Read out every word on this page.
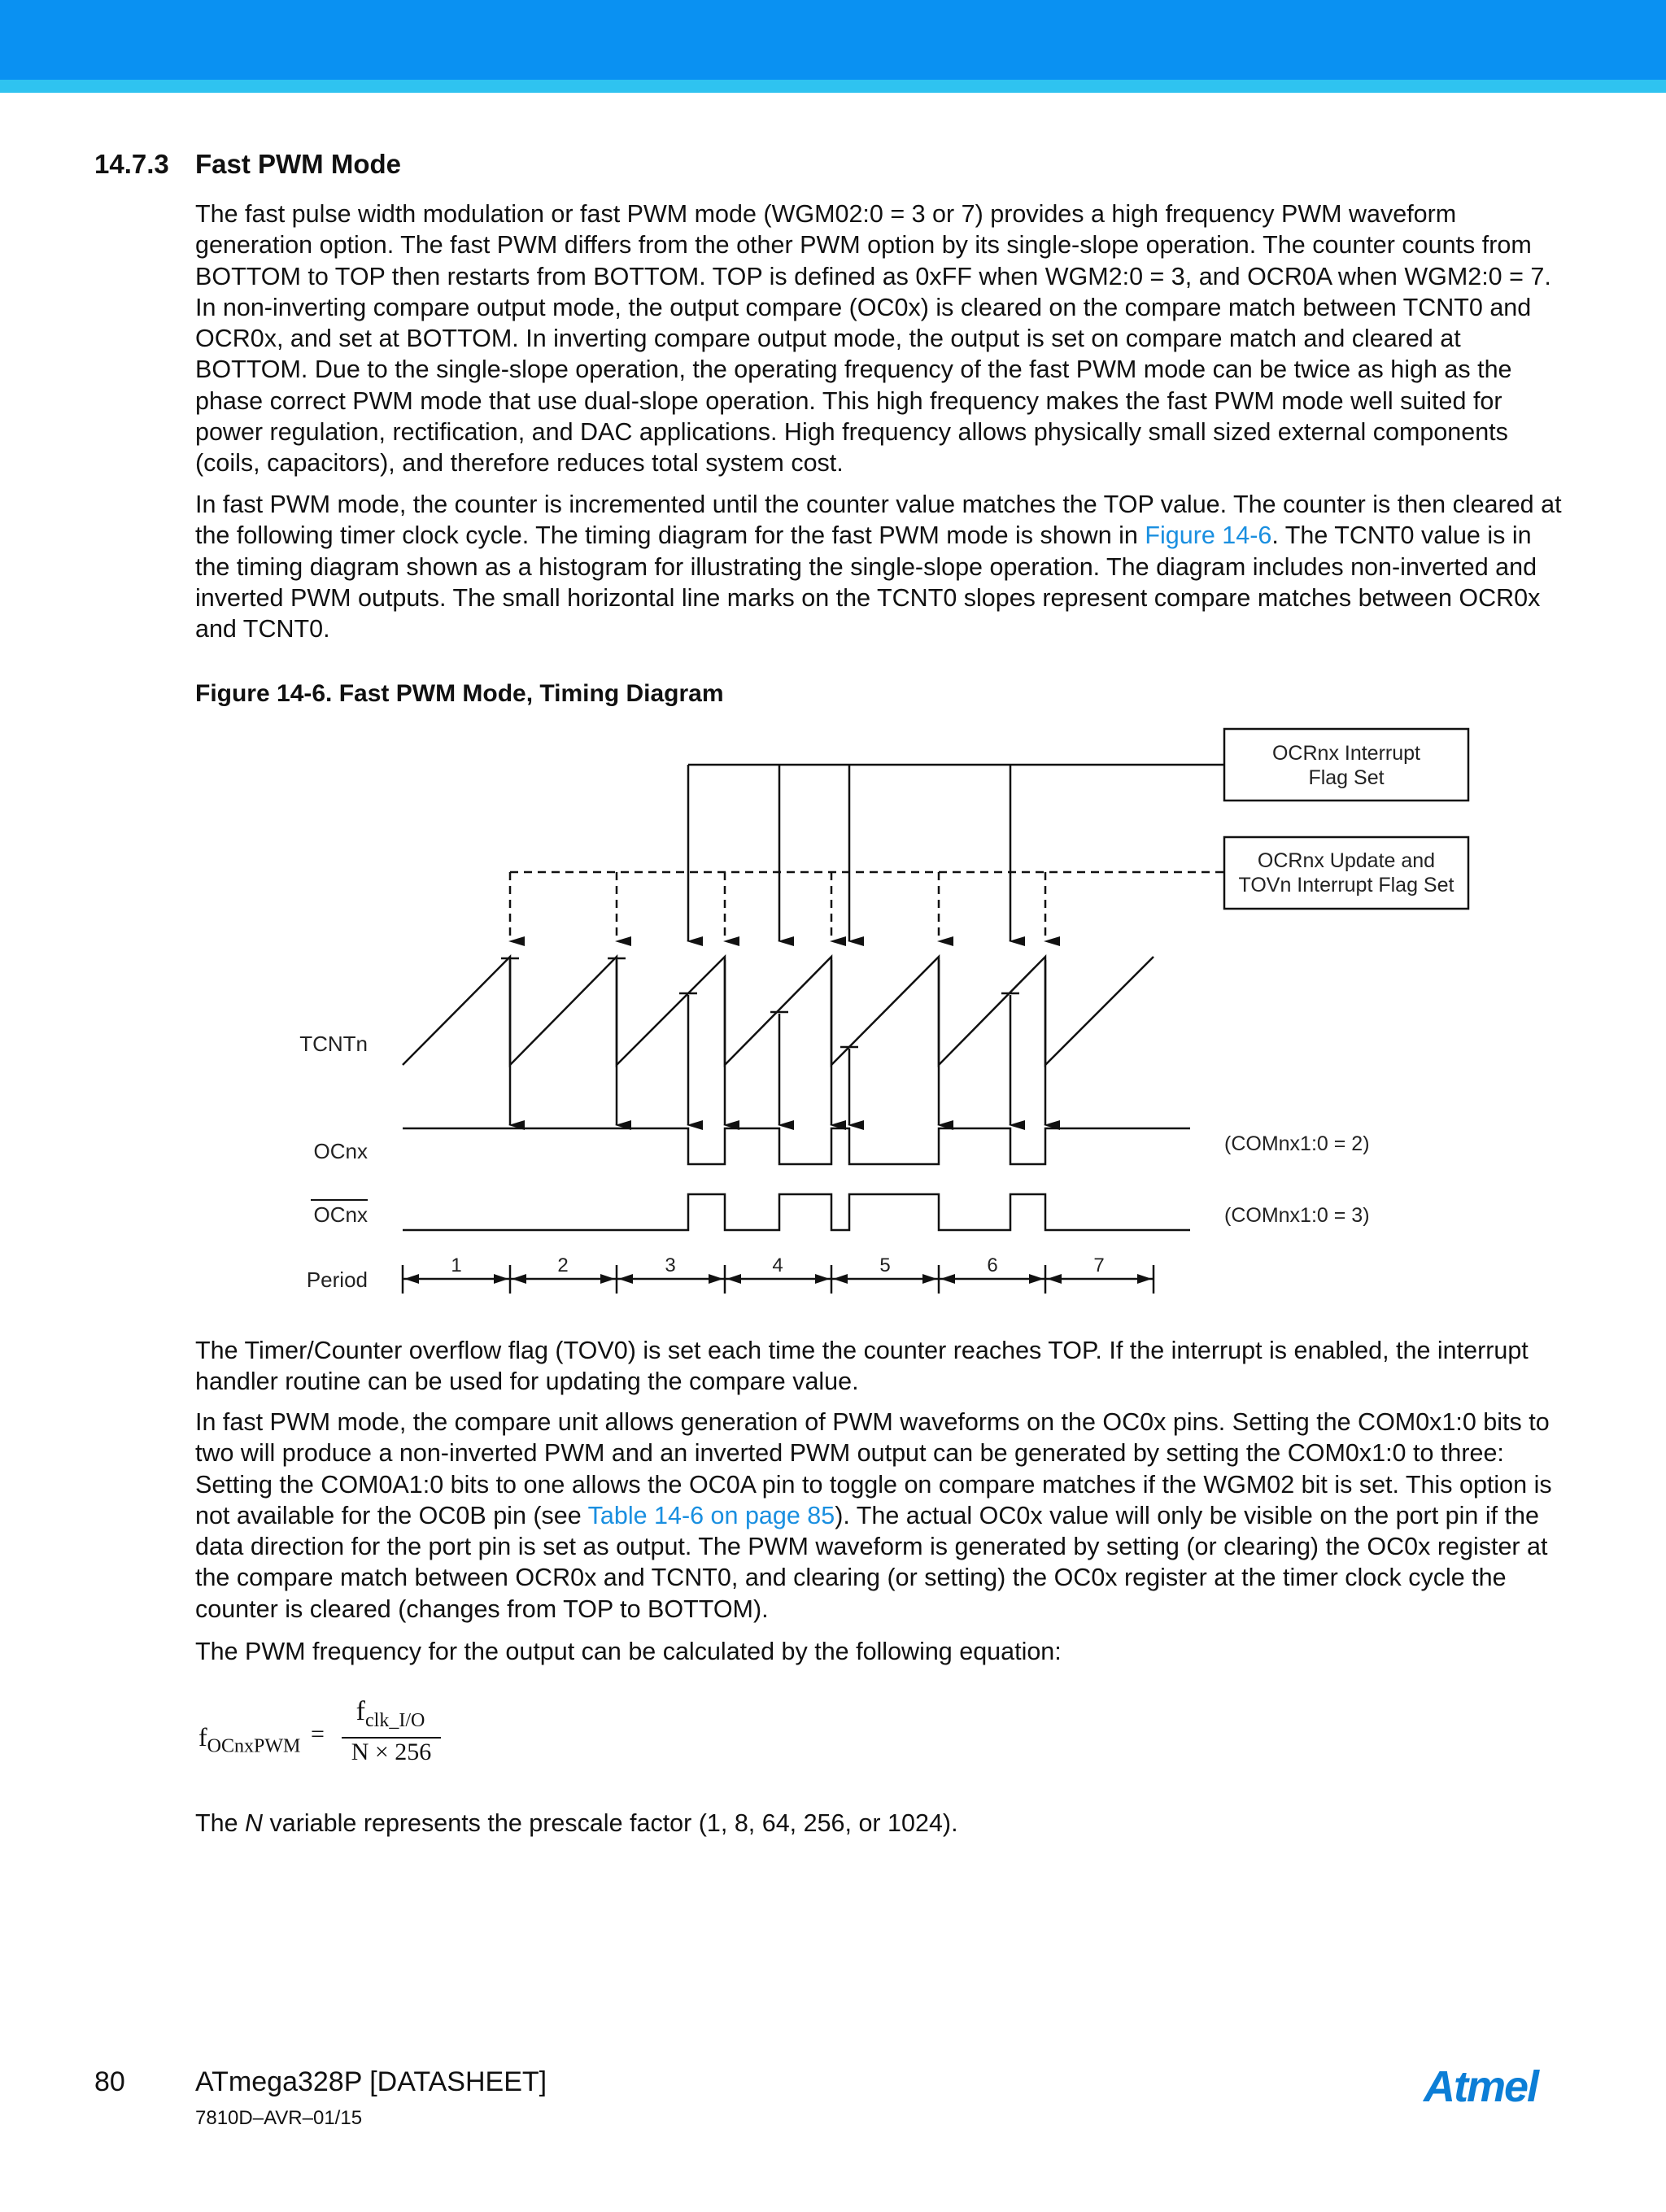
14.7.3 Fast PWM Mode
The fast pulse width modulation or fast PWM mode (WGM02:0 = 3 or 7) provides a high frequency PWM waveform generation option. The fast PWM differs from the other PWM option by its single-slope operation. The counter counts from BOTTOM to TOP then restarts from BOTTOM. TOP is defined as 0xFF when WGM2:0 = 3, and OCR0A when WGM2:0 = 7. In non-inverting compare output mode, the output compare (OC0x) is cleared on the compare match between TCNT0 and OCR0x, and set at BOTTOM. In inverting compare output mode, the output is set on compare match and cleared at BOTTOM. Due to the single-slope operation, the operating frequency of the fast PWM mode can be twice as high as the phase correct PWM mode that use dual-slope operation. This high frequency makes the fast PWM mode well suited for power regulation, rectification, and DAC applications. High frequency allows physically small sized external components (coils, capacitors), and therefore reduces total system cost.
In fast PWM mode, the counter is incremented until the counter value matches the TOP value. The counter is then cleared at the following timer clock cycle. The timing diagram for the fast PWM mode is shown in Figure 14-6. The TCNT0 value is in the timing diagram shown as a histogram for illustrating the single-slope operation. The diagram includes non-inverted and inverted PWM outputs. The small horizontal line marks on the TCNT0 slopes represent compare matches between OCR0x and TCNT0.
Figure 14-6. Fast PWM Mode, Timing Diagram
OCRnx Interrupt
Flag Set
OCRnx Update and
TOVn Interrupt Flag Set
TCNTn
OCnx
OCnx
Period
(COMnx1:0 = 2)
(COMnx1:0 = 3)
1	2	3	4	5	6	7
The Timer/Counter overflow flag (TOV0) is set each time the counter reaches TOP. If the interrupt is enabled, the interrupt handler routine can be used for updating the compare value.
In fast PWM mode, the compare unit allows generation of PWM waveforms on the OC0x pins. Setting the COM0x1:0 bits to two will produce a non-inverted PWM and an inverted PWM output can be generated by setting the COM0x1:0 to three: Setting the COM0A1:0 bits to one allows the OC0A pin to toggle on compare matches if the WGM02 bit is set. This option is not available for the OC0B pin (see Table 14-6 on page 85). The actual OC0x value will only be visible on the port pin if the data direction for the port pin is set as output. The PWM waveform is generated by setting (or clearing) the OC0x register at the compare match between OCR0x and TCNT0, and clearing (or setting) the OC0x register at the timer clock cycle the counter is cleared (changes from TOP to BOTTOM).
The PWM frequency for the output can be calculated by the following equation:
$f_{OCnxPWM}$ =
$f_{clk\_I/O}$
N × 256
The N variable represents the prescale factor (1, 8, 64, 256, or 1024).
80	ATmega328P [DATASHEET]
7810D–AVR–01/15
Atmel
